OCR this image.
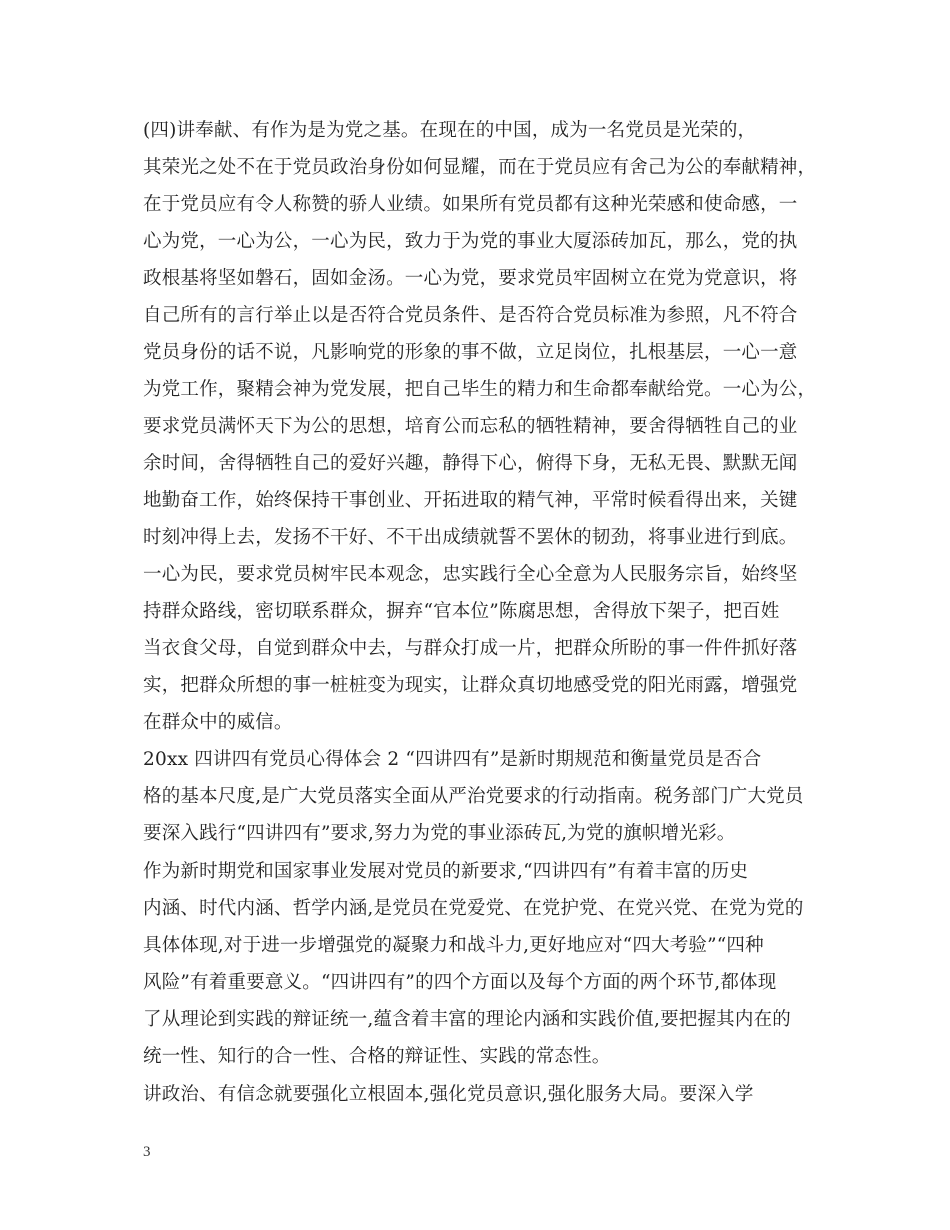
(四)讲奉献、有作为是为党之基。在现在的中国，成为一名党员是光荣的，
其荣光之处不在于党员政治身份如何显耀，而在于党员应有舍己为公的奉献精神，
在于党员应有令人称赞的骄人业绩。如果所有党员都有这种光荣感和使命感，一
心为党，一心为公，一心为民，致力于为党的事业大厦添砖加瓦，那么，党的执
政根基将坚如磐石，固如金汤。一心为党，要求党员牢固树立在党为党意识，将
自己所有的言行举止以是否符合党员条件、是否符合党员标准为参照，凡不符合
党员身份的话不说，凡影响党的形象的事不做，立足岗位，扎根基层，一心一意
为党工作，聚精会神为党发展，把自己毕生的精力和生命都奉献给党。一心为公，
要求党员满怀天下为公的思想，培育公而忘私的牺牲精神，要舍得牺牲自己的业
余时间，舍得牺牲自己的爱好兴趣，静得下心，俯得下身，无私无畏、默默无闻
地勤奋工作，始终保持干事创业、开拓进取的精气神，平常时候看得出来，关键
时刻冲得上去，发扬不干好、不干出成绩就誓不罢休的韧劲，将事业进行到底。
一心为民，要求党员树牢民本观念，忠实践行全心全意为人民服务宗旨，始终坚
持群众路线，密切联系群众，摒弃“官本位”陈腐思想，舍得放下架子，把百姓
当衣食父母，自觉到群众中去，与群众打成一片，把群众所盼的事一件件抓好落
实，把群众所想的事一桩桩变为现实，让群众真切地感受党的阳光雨露，增强党
在群众中的威信。
20xx 四讲四有党员心得体会 2 “四讲四有”是新时期规范和衡量党员是否合
格的基本尺度,是广大党员落实全面从严治党要求的行动指南。税务部门广大党员
要深入践行“四讲四有”要求,努力为党的事业添砖瓦,为党的旗帜增光彩。
作为新时期党和国家事业发展对党员的新要求,“四讲四有”有着丰富的历史
内涵、时代内涵、哲学内涵,是党员在党爱党、在党护党、在党兴党、在党为党的
具体体现,对于进一步增强党的凝聚力和战斗力,更好地应对“四大考验”“四种
风险”有着重要意义。“四讲四有”的四个方面以及每个方面的两个环节,都体现
了从理论到实践的辩证统一,蕴含着丰富的理论内涵和实践价值,要把握其内在的
统一性、知行的合一性、合格的辩证性、实践的常态性。
讲政治、有信念就要强化立根固本,强化党员意识,强化服务大局。要深入学
3
